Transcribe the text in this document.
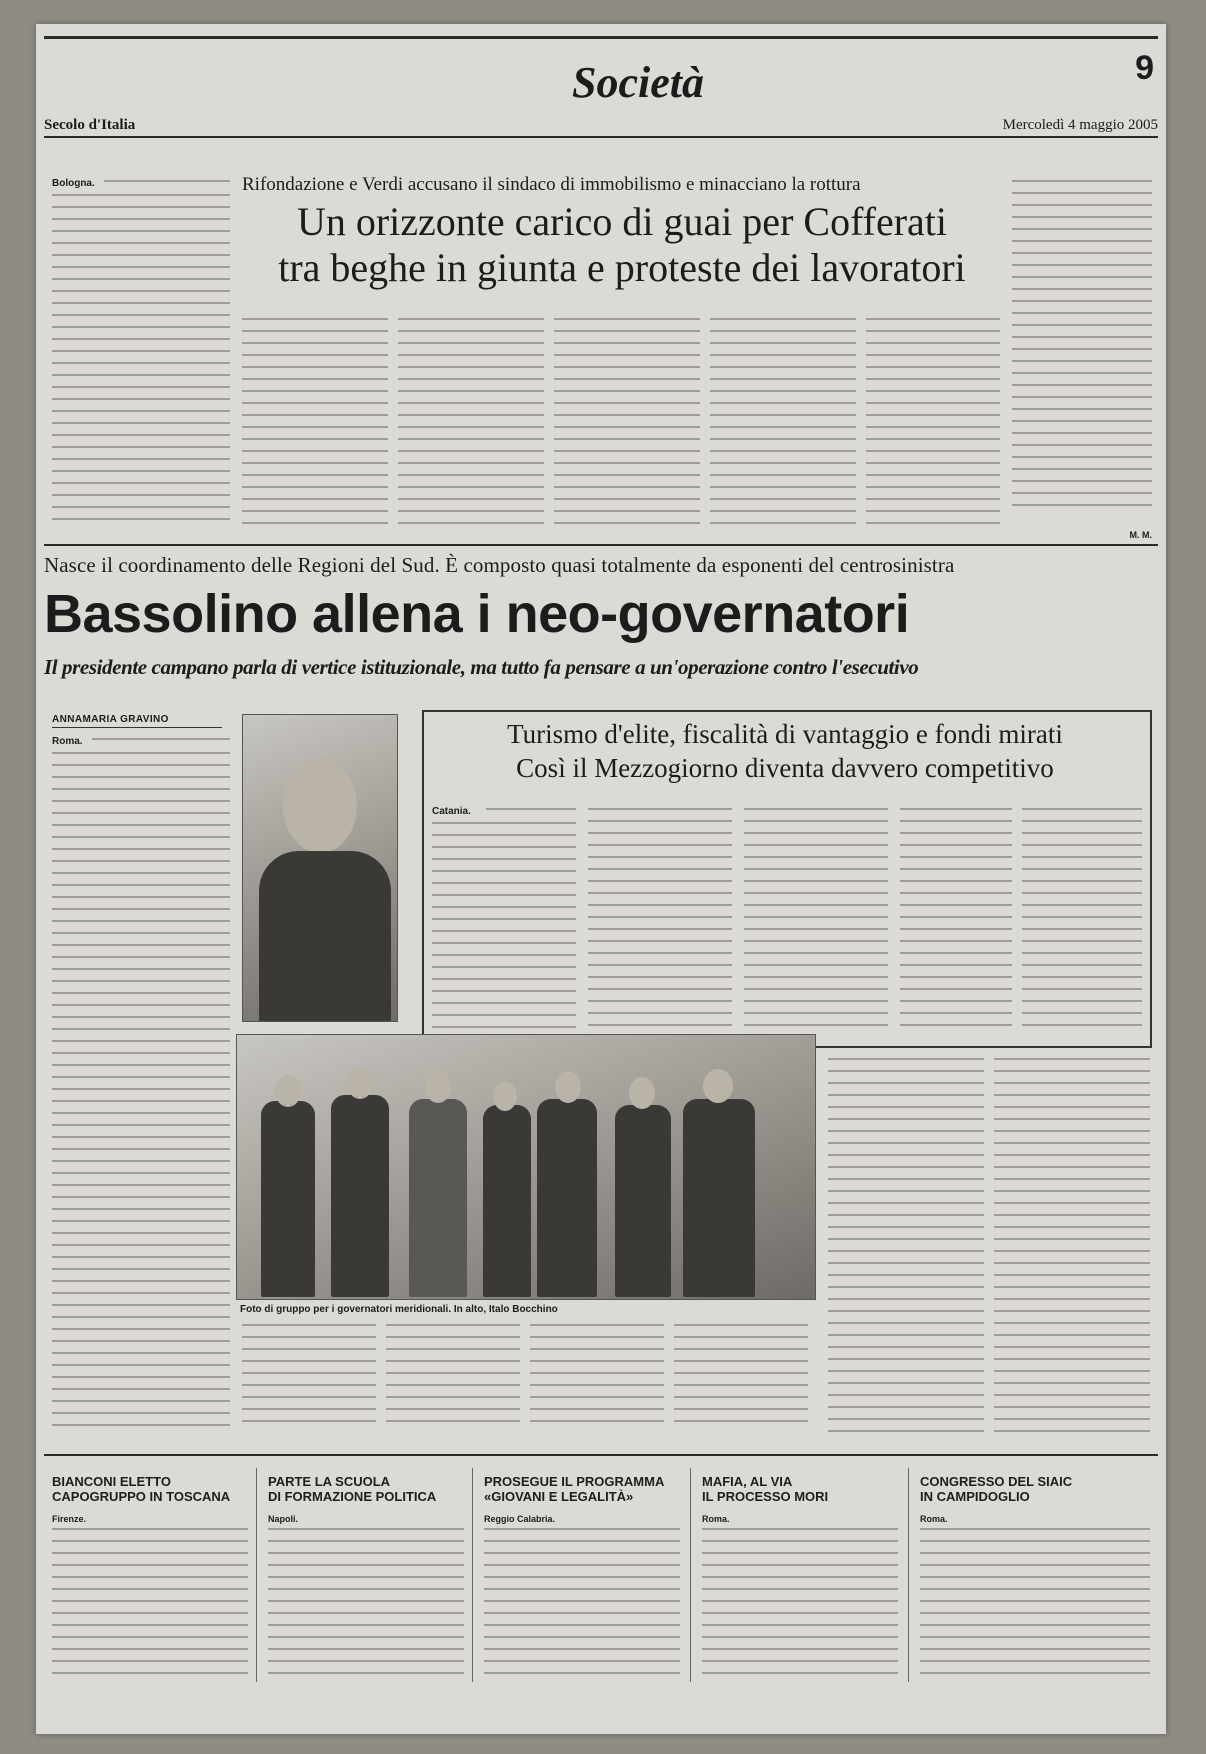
Società	9
Secolo d'Italia	Mercoledì 4 maggio 2005
Bologna.	Rifondazione e Verdi accusano il sindaco di immobilismo e minacciano la rottura
Un orizzonte carico di guai per Cofferati
tra beghe in giunta e proteste dei lavoratori
M. M.
Nasce il coordinamento delle Regioni del Sud. È composto quasi totalmente da esponenti del centrosinistra
Bassolino allena i neo-governatori
Il presidente campano parla di vertice istituzionale, ma tutto fa pensare a un'operazione contro l'esecutivo
ANNAMARIA GRAVINO
Roma.	Turismo d'elite, fiscalità di vantaggio e fondi mirati
Così il Mezzogiorno diventa davvero competitivo
Catania.
Foto di gruppo per i governatori meridionali. In alto, Italo Bocchino
BIANCONI ELETTO
CAPOGRUPPO IN TOSCANA
Firenze.
PARTE LA SCUOLA
DI FORMAZIONE POLITICA
Napoli.
PROSEGUE IL PROGRAMMA
«GIOVANI E LEGALITÀ»
Reggio Calabria.
MAFIA, AL VIA
IL PROCESSO MORI
Roma.
CONGRESSO DEL SIAIC
IN CAMPIDOGLIO
Roma.
